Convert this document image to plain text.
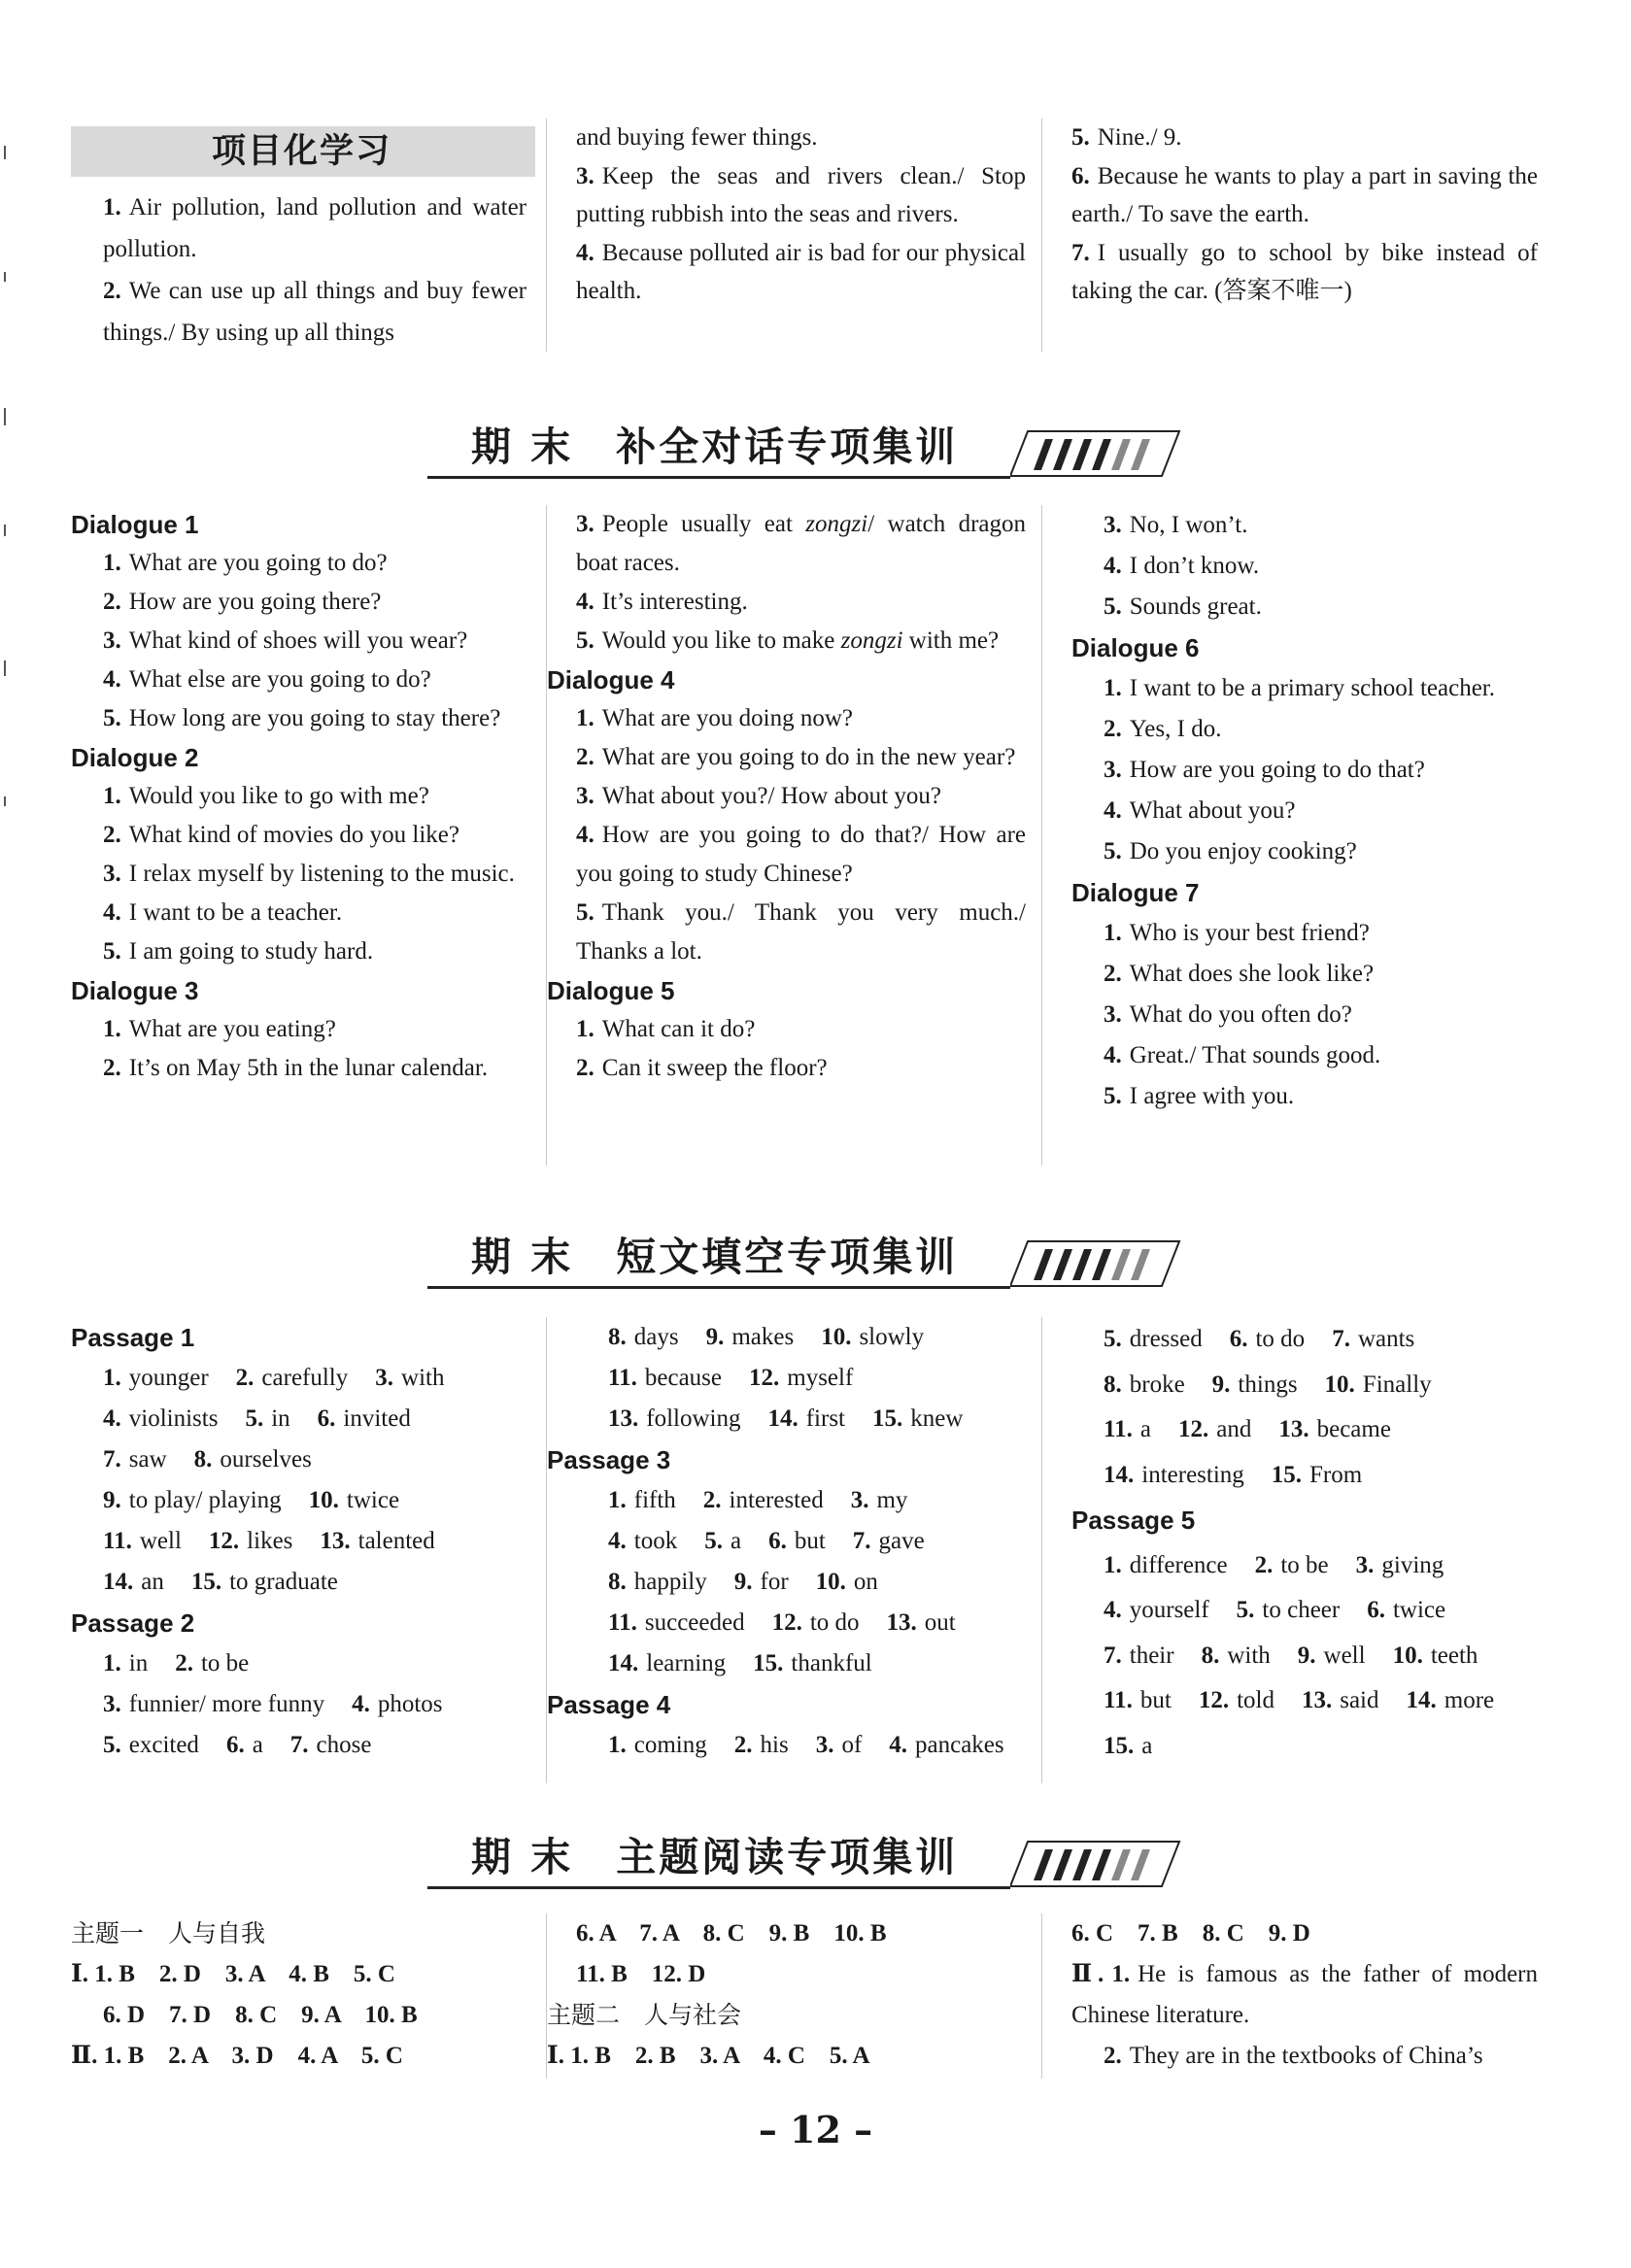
项目化学习
1. Air pollution, land pollution and water pollution.
2. We can use up all things and buy fewer things./ By using up all things
and buying fewer things.
3. Keep the seas and rivers clean./ Stop putting rubbish into the seas and rivers.
4. Because polluted air is bad for our physical health.
5. Nine./ 9.
6. Because he wants to play a part in saving the earth./ To save the earth.
7. I usually go to school by bike instead of taking the car. (答案不唯一)
期 末　补全对话专项集训
Dialogue 1
1. What are you going to do?
2. How are you going there?
3. What kind of shoes will you wear?
4. What else are you going to do?
5. How long are you going to stay there?
Dialogue 2
1. Would you like to go with me?
2. What kind of movies do you like?
3. I relax myself by listening to the music.
4. I want to be a teacher.
5. I am going to study hard.
Dialogue 3
1. What are you eating?
2. It’s on May 5th in the lunar calendar.
3. People usually eat zongzi/ watch dragon boat races.
4. It’s interesting.
5. Would you like to make zongzi with me?
Dialogue 4
1. What are you doing now?
2. What are you going to do in the new year?
3. What about you?/ How about you?
4. How are you going to do that?/ How are you going to study Chinese?
5. Thank you./ Thank you very much./ Thanks a lot.
Dialogue 5
1. What can it do?
2. Can it sweep the floor?
3. No, I won’t.
4. I don’t know.
5. Sounds great.
Dialogue 6
1. I want to be a primary school teacher.
2. Yes, I do.
3. How are you going to do that?
4. What about you?
5. Do you enjoy cooking?
Dialogue 7
1. Who is your best friend?
2. What does she look like?
3. What do you often do?
4. Great./ That sounds good.
5. I agree with you.
期 末　短文填空专项集训
Passage 1
1. younger 2. carefully 3. with
4. violinists 5. in 6. invited
7. saw 8. ourselves
9. to play/ playing 10. twice
11. well 12. likes 13. talented
14. an 15. to graduate
Passage 2
1. in 2. to be
3. funnier/ more funny 4. photos
5. excited 6. a 7. chose
8. days 9. makes 10. slowly
11. because 12. myself
13. following 14. first 15. knew
Passage 3
1. fifth 2. interested 3. my
4. took 5. a 6. but 7. gave
8. happily 9. for 10. on
11. succeeded 12. to do 13. out
14. learning 15. thankful
Passage 4
1. coming 2. his 3. of 4. pancakes
5. dressed 6. to do 7. wants
8. broke 9. things 10. Finally
11. a 12. and 13. became
14. interesting 15. From
Passage 5
1. difference 2. to be 3. giving
4. yourself 5. to cheer 6. twice
7. their 8. with 9. well 10. teeth
11. but 12. told 13. said 14. more
15. a
期 末　主题阅读专项集训
主题一　人与自我
Ⅰ. 1. B　2. D　3. A　4. B　5. C
6. D　7. D　8. C　9. A　10. B
Ⅱ. 1. B　2. A　3. D　4. A　5. C
6. A　7. A　8. C　9. B　10. B
11. B　12. D
主题二　人与社会
Ⅰ. 1. B　2. B　3. A　4. C　5. A
6. C　7. B　8. C　9. D
Ⅱ. 1. He is famous as the father of modern Chinese literature.
2. They are in the textbooks of China’s
– 12 –
